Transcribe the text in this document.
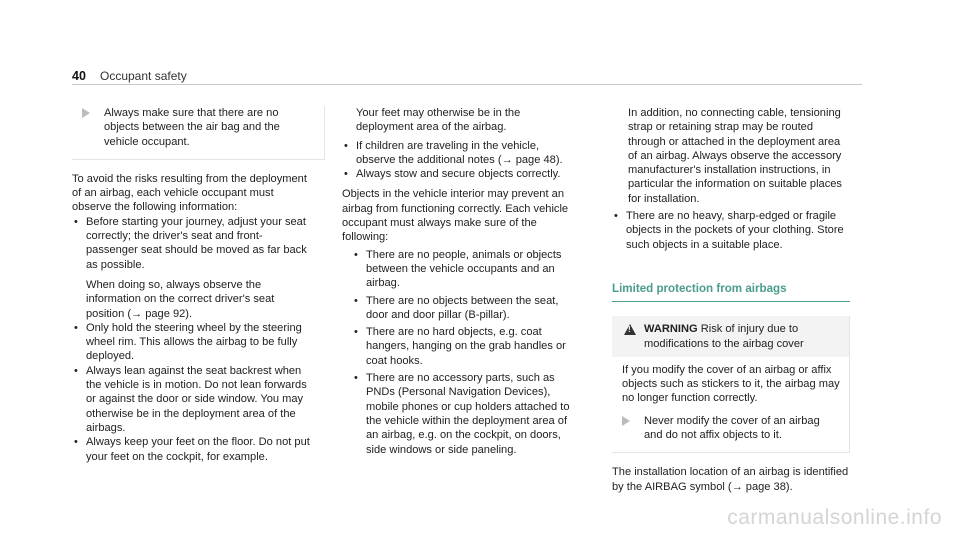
40 Occupant safety

Always make sure that there are no objects between the air bag and the vehicle occupant.

To avoid the risks resulting from the deployment of an airbag, each vehicle occupant must observe the following information:

• Before starting your journey, adjust your seat correctly; the driver's seat and front-passenger seat should be moved as far back as possible.

When doing so, always observe the information on the correct driver's seat position (→ page 92).

• Only hold the steering wheel by the steering wheel rim. This allows the airbag to be fully deployed.
• Always lean against the seat backrest when the vehicle is in motion. Do not lean forwards or against the door or side window. You may otherwise be in the deployment area of the airbags.
• Always keep your feet on the floor. Do not put your feet on the cockpit, for example.

Your feet may otherwise be in the deployment area of the airbag.

• If children are traveling in the vehicle, observe the additional notes (→ page 48).
• Always stow and secure objects correctly.

Objects in the vehicle interior may prevent an airbag from functioning correctly. Each vehicle occupant must always make sure of the following:

• There are no people, animals or objects between the vehicle occupants and an airbag.
• There are no objects between the seat, door and door pillar (B-pillar).
• There are no hard objects, e.g. coat hangers, hanging on the grab handles or coat hooks.
• There are no accessory parts, such as PNDs (Personal Navigation Devices), mobile phones or cup holders attached to the vehicle within the deployment area of an airbag, e.g. on the cockpit, on doors, side windows or side paneling.

In addition, no connecting cable, tensioning strap or retaining strap may be routed through or attached in the deployment area of an airbag. Always observe the accessory manufacturer's installation instructions, in particular the information on suitable places for installation.

• There are no heavy, sharp-edged or fragile objects in the pockets of your clothing. Store such objects in a suitable place.
Limited protection from airbags
!
WARNING Risk of injury due to modifications to the airbag cover

If you modify the cover of an airbag or affix objects such as stickers to it, the airbag may no longer function correctly.

Never modify the cover of an airbag and do not affix objects to it.

The installation location of an airbag is identified by the AIRBAG symbol (→ page 38).

carmanualsonline.info
